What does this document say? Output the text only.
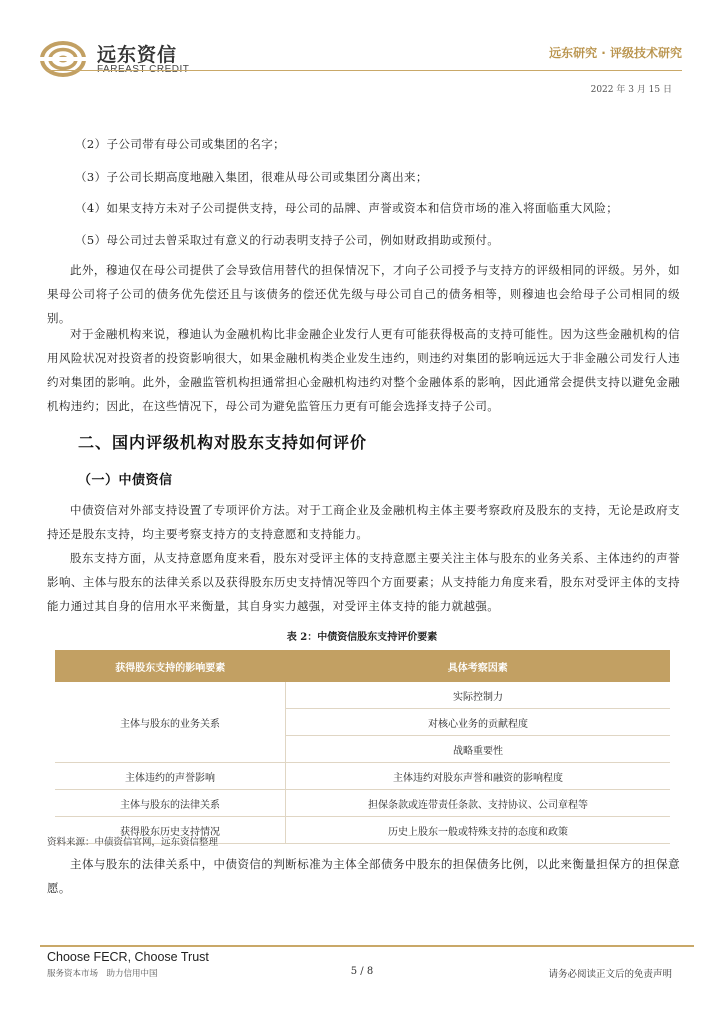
远东资信	远东研究 · 评级技术研究
2022 年 3 月 15 日
（2）子公司带有母公司或集团的名字；
（3）子公司长期高度地融入集团，很难从母公司或集团分离出来；
（4）如果支持方未对子公司提供支持，母公司的品牌、声誉或资本和信贷市场的准入将面临重大风险；
（5）母公司过去曾采取过有意义的行动表明支持子公司，例如财政捐助或预付。
此外，穆迪仅在母公司提供了会导致信用替代的担保情况下，才向子公司授予与支持方的评级相同的评级。另外，如果母公司将子公司的债务优先偿还且与该债务的偿还优先级与母公司自己的债务相等，则穆迪也会给母子公司相同的级别。
对于金融机构来说，穆迪认为金融机构比非金融企业发行人更有可能获得极高的支持可能性。因为这些金融机构的信用风险状况对投资者的投资影响很大，如果金融机构类企业发生违约，则违约对集团的影响远远大于非金融公司发行人违约对集团的影响。此外，金融监管机构担通常担心金融机构违约对整个金融体系的影响，因此通常会提供支持以避免金融机构违约；因此，在这些情况下，母公司为避免监管压力更有可能会选择支持子公司。
二、国内评级机构对股东支持如何评价
（一）中债资信
中债资信对外部支持设置了专项评价方法。对于工商企业及金融机构主体主要考察政府及股东的支持，无论是政府支持还是股东支持，均主要考察支持方的支持意愿和支持能力。
股东支持方面，从支持意愿角度来看，股东对受评主体的支持意愿主要关注主体与股东的业务关系、主体违约的声誉影响、主体与股东的法律关系以及获得股东历史支持情况等四个方面要素；从支持能力角度来看，股东对受评主体的支持能力通过其自身的信用水平来衡量，其自身实力越强，对受评主体支持的能力就越强。
表 2：中债资信股东支持评价要素
获得股东支持的影响要素	具体考察因素
主体与股东的业务关系	实际控制力
	对核心业务的贡献程度
	战略重要性
主体违约的声誉影响	主体违约对股东声誉和融资的影响程度
主体与股东的法律关系	担保条款或连带责任条款、支持协议、公司章程等
获得股东历史支持情况	历史上股东一般或特殊支持的态度和政策
资料来源：中债资信官网，远东资信整理
主体与股东的法律关系中，中债资信的判断标准为主体全部债务中股东的担保债务比例，以此来衡量担保方的担保意愿。
Choose FECR, Choose Trust
服务资本市场　助力信用中国	5 / 8	请务必阅读正文后的免责声明
